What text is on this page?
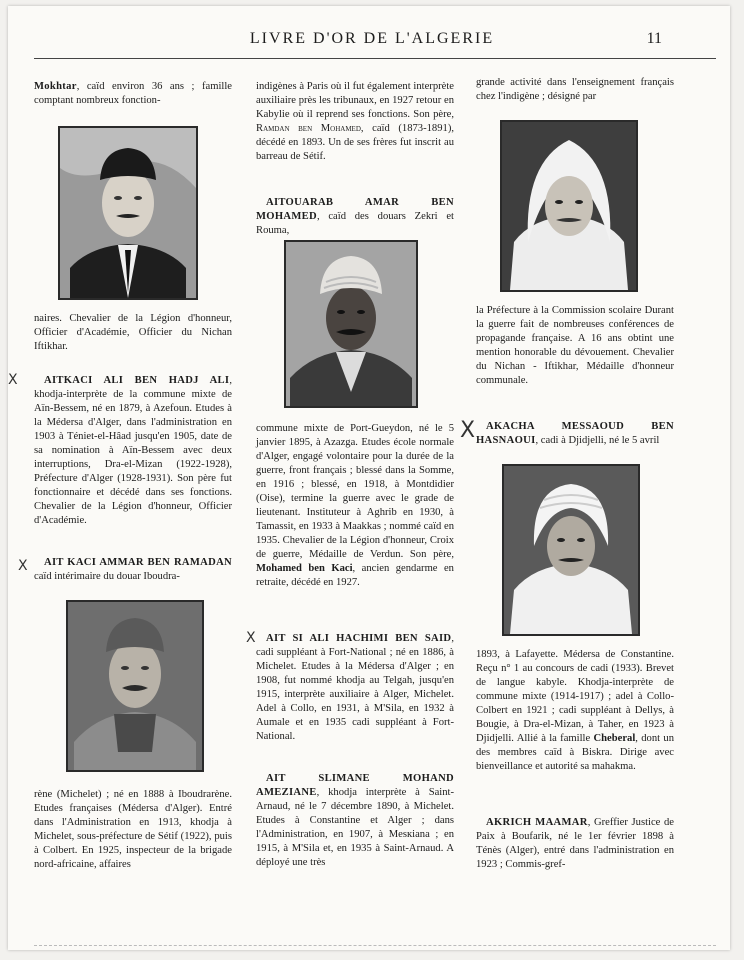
LIVRE D'OR DE L'ALGERIE	11

Mokhtar, caïd environ 36 ans ; famille comptant nombreux fonction-

naires. Chevalier de la Légion d'honneur, Officier d'Académie, Officier du Nichan Iftikhar.

X	AITKACI ALI BEN HADJ ALI, khodja-interprète de la commune mixte de Aïn-Bessem, né en 1879, à Azefoun. Etudes à la Médersa d'Alger, dans l'administration en 1903 à Téniet-el-Hâad jusqu'en 1905, date de sa nomination à Aïn-Bessem avec deux interruptions, Dra-el-Mizan (1922-1928), Préfecture d'Alger (1928-1931). Son père fut fonctionnaire et décédé dans ses fonctions. Chevalier de la Légion d'honneur, Officier d'Académie.

X	AIT KACI AMMAR BEN RAMADAN caïd intérimaire du douar Iboudra-

rène (Michelet) ; né en 1888 à Iboudrarène. Etudes françaises (Médersa d'Alger). Entré dans l'Administration en 1913, khodja à Michelet, sous-préfecture de Sétif (1922), puis à Colbert. En 1925, inspecteur de la brigade nord-africaine, affaires

indigènes à Paris où il fut également interprète auxiliaire près les tribunaux, en 1927 retour en Kabylie où il reprend ses fonctions. Son père, Ramdan ben Mohamed, caïd (1873-1891), décédé en 1893. Un de ses frères fut inscrit au barreau de Sétif.

AITOUARAB AMAR BEN MOHAMED, caïd des douars Zekri et Rouma,

commune mixte de Port-Gueydon, né le 5 janvier 1895, à Azazga. Etudes école normale d'Alger, engagé volontaire pour la durée de la guerre, front français ; blessé dans la Somme, en 1916 ; blessé, en 1918, à Montdidier (Oise), termine la guerre avec le grade de lieutenant. Instituteur à Aghrib en 1930, à Tamassit, en 1933 à Maakkas ; nommé caïd en 1935. Chevalier de la Légion d'honneur, Croix de guerre, Médaille de Verdun. Son père, Mohamed ben Kaci, ancien gendarme en retraite, décédé en 1927.

X AIT SI ALI HACHIMI BEN SAID, cadi suppléant à Fort-National ; né en 1886, à Michelet. Etudes à la Médersa d'Alger ; en 1908, fut nommé khodja au Telgah, jusqu'en 1915, interprète auxiliaire à Alger, Michelet. Adel à Collo, en 1931, à M'Sila, en 1932 à Aumale et en 1935 cadi suppléant à Fort-National.

AIT SLIMANE MOHAND AMEZIANE, khodja interprète à Saint-Arnaud, né le 7 décembre 1890, à Michelet. Etudes à Constantine et Alger ; dans l'Administration, en 1907, à Mesкiana ; en 1915, à M'Sila et, en 1935 à Saint-Arnaud. A déployé une très

grande activité dans l'enseignement français chez l'indigène ; désigné par

la Préfecture à la Commission scolaire Durant la guerre fait de nombreuses conférences de propagande française. A 16 ans obtint une mention honorable du dévouement. Chevalier du Nichan - Iftikhar, Médaille d'honneur communale.

X	AKACHA MESSAOUD BEN HASNAOUI, cadi à Djidjelli, né le 5 avril

1893, à Lafayette. Médersa de Constantine. Reçu n° 1 au concours de cadi (1933). Brevet de langue kabyle. Khodja-interprète de commune mixte (1914-1917) ; adel à Collo-Colbert en 1921 ; cadi suppléant à Dellys, à Bougie, à Dra-el-Mizan, à Taher, en 1923 à Djidjelli. Allié à la famille Cheberal, dont un des membres caïd à Biskra. Dirige avec bienveillance et autorité sa mahakma.

AKRICH MAAMAR, Greffier Justice de Paix à Boufarik, né le 1er février 1898 à Ténès (Alger), entré dans l'administration en 1923 ; Commis-gref-
